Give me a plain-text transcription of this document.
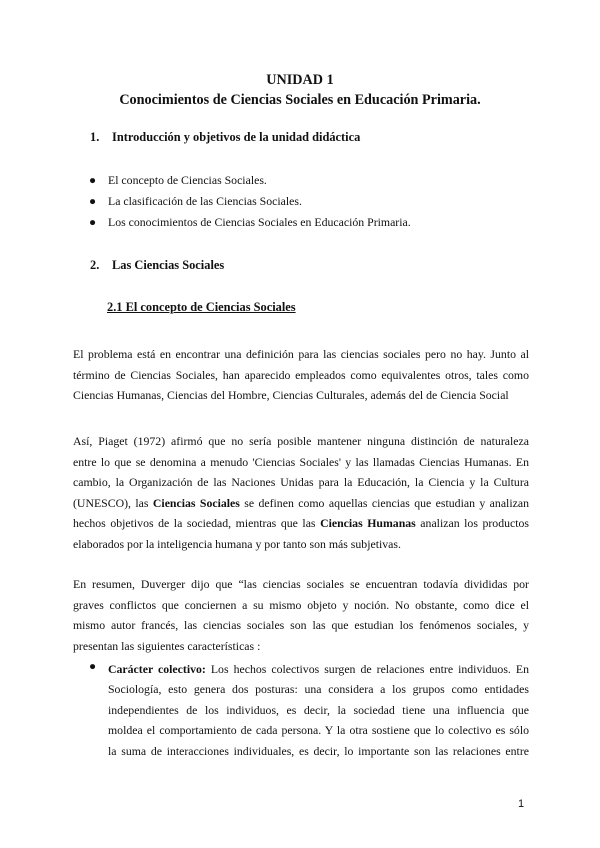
UNIDAD 1
Conocimientos de Ciencias Sociales en Educación Primaria.
1. Introducción y objetivos de la unidad didáctica
● El concepto de Ciencias Sociales.
● La clasificación de las Ciencias Sociales.
● Los conocimientos de Ciencias Sociales en Educación Primaria.
2. Las Ciencias Sociales
2.1 El concepto de Ciencias Sociales
El problema está en encontrar una definición para las ciencias sociales pero no hay. Junto al
término de Ciencias Sociales, han aparecido empleados como equivalentes otros, tales como
Ciencias Humanas, Ciencias del Hombre, Ciencias Culturales, además del de Ciencia Social
Así, Piaget (1972) afirmó que no sería posible mantener ninguna distinción de naturaleza
entre lo que se denomina a menudo 'Ciencias Sociales' y las llamadas Ciencias Humanas. En
cambio, la Organización de las Naciones Unidas para la Educación, la Ciencia y la Cultura
(UNESCO), las Ciencias Sociales se definen como aquellas ciencias que estudian y analizan
hechos objetivos de la sociedad, mientras que las Ciencias Humanas analizan los productos
elaborados por la inteligencia humana y por tanto son más subjetivas.
En resumen, Duverger dijo que “las ciencias sociales se encuentran todavía divididas por
graves conflictos que conciernen a su mismo objeto y noción. No obstante, como dice el
mismo autor francés, las ciencias sociales son las que estudian los fenómenos sociales, y
presentan las siguientes características :
● Carácter colectivo: Los hechos colectivos surgen de relaciones entre individuos. En
Sociología, esto genera dos posturas: una considera a los grupos como entidades
independientes de los individuos, es decir, la sociedad tiene una influencia que
moldea el comportamiento de cada persona. Y la otra sostiene que lo colectivo es sólo
la suma de interacciones individuales, es decir, lo importante son las relaciones entre
1
